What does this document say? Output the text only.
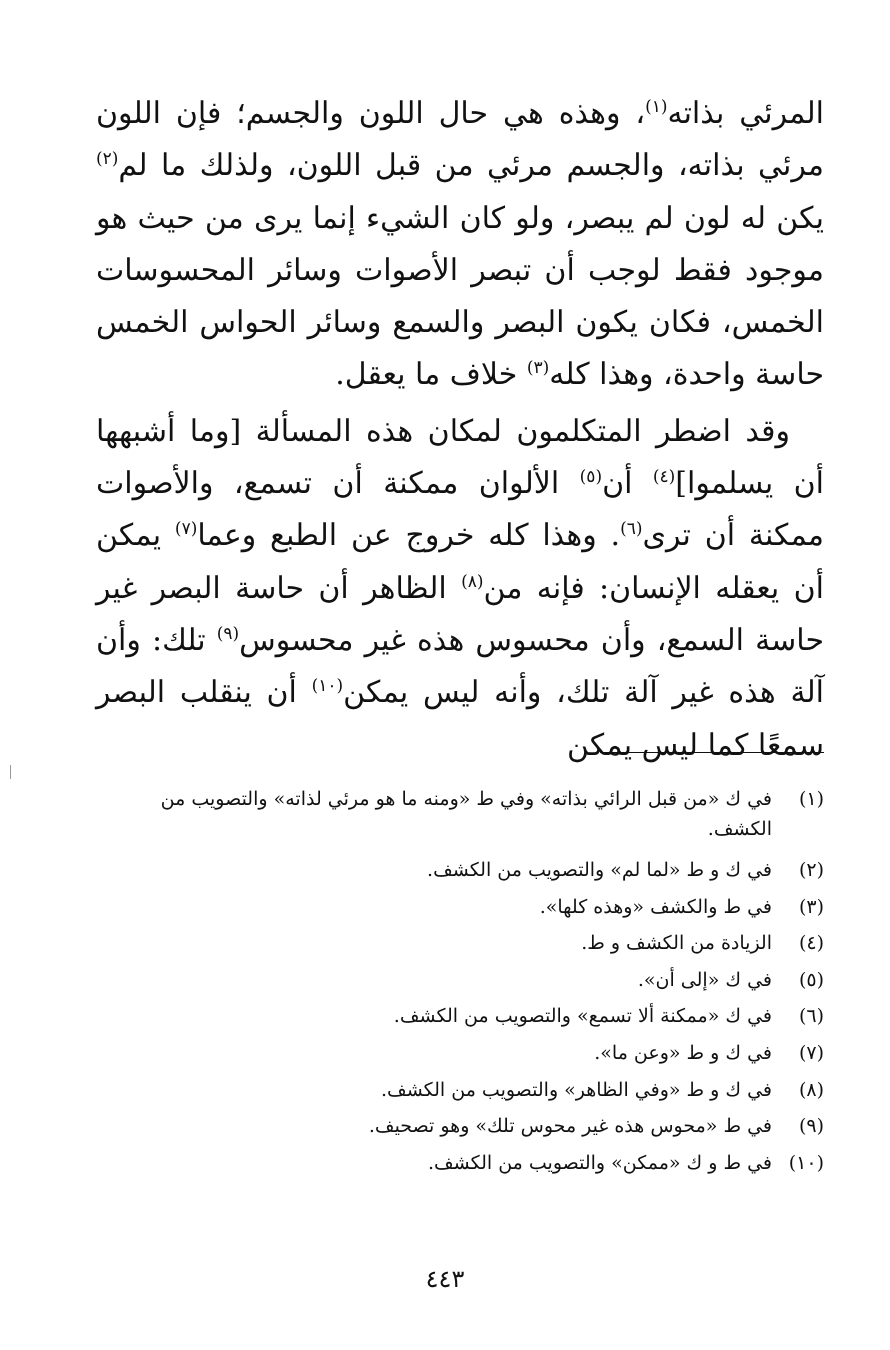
المرئي بذاته$^{(١)}$، وهذه هي حال اللون والجسم؛ فإن اللون مرئي بذاته، والجسم مرئي من قبل اللون، ولذلك ما لم$^{(٢)}$ يكن له لون لم يبصر، ولو كان الشيء إنما يرى من حيث هو موجود فقط لوجب أن تبصر الأصوات وسائر المحسوسات الخمس، فكان يكون البصر والسمع وسائر الحواس الخمس حاسة واحدة، وهذا كله$^{(٣)}$ خلاف ما يعقل.

وقد اضطر المتكلمون لمكان هذه المسألة [وما أشبهها أن يسلموا]$^{(٤)}$ أن$^{(٥)}$ الألوان ممكنة أن تسمع، والأصوات ممكنة أن ترى$^{(٦)}$. وهذا كله خروج عن الطبع وعما$^{(٧)}$ يمكن أن يعقله الإنسان: فإنه من$^{(٨)}$ الظاهر أن حاسة البصر غير حاسة السمع، وأن محسوس هذه غير محسوس$^{(٩)}$ تلك: وأن آلة هذه غير آلة تلك، وأنه ليس يمكن$^{(١٠)}$ أن ينقلب البصر سمعًا كما ليس يمكن

(١)
في ك «من قبل الرائي بذاته» وفي ط «ومنه ما هو مرئي لذاته» والتصويب من الكشف.
(٢)
في ك و ط «لما لم» والتصويب من الكشف.
(٣)
في ط والكشف «وهذه كلها».
(٤)
الزيادة من الكشف و ط.
(٥)
في ك «إلى أن».
(٦)
في ك «ممكنة ألا تسمع» والتصويب من الكشف.
(٧)
في ك و ط «وعن ما».
(٨)
في ك و ط «وفي الظاهر» والتصويب من الكشف.
(٩)
في ط «محوس هذه غير محوس تلك» وهو تصحيف.
(١٠)
في ط و ك «ممكن» والتصويب من الكشف.
٤٤٣
